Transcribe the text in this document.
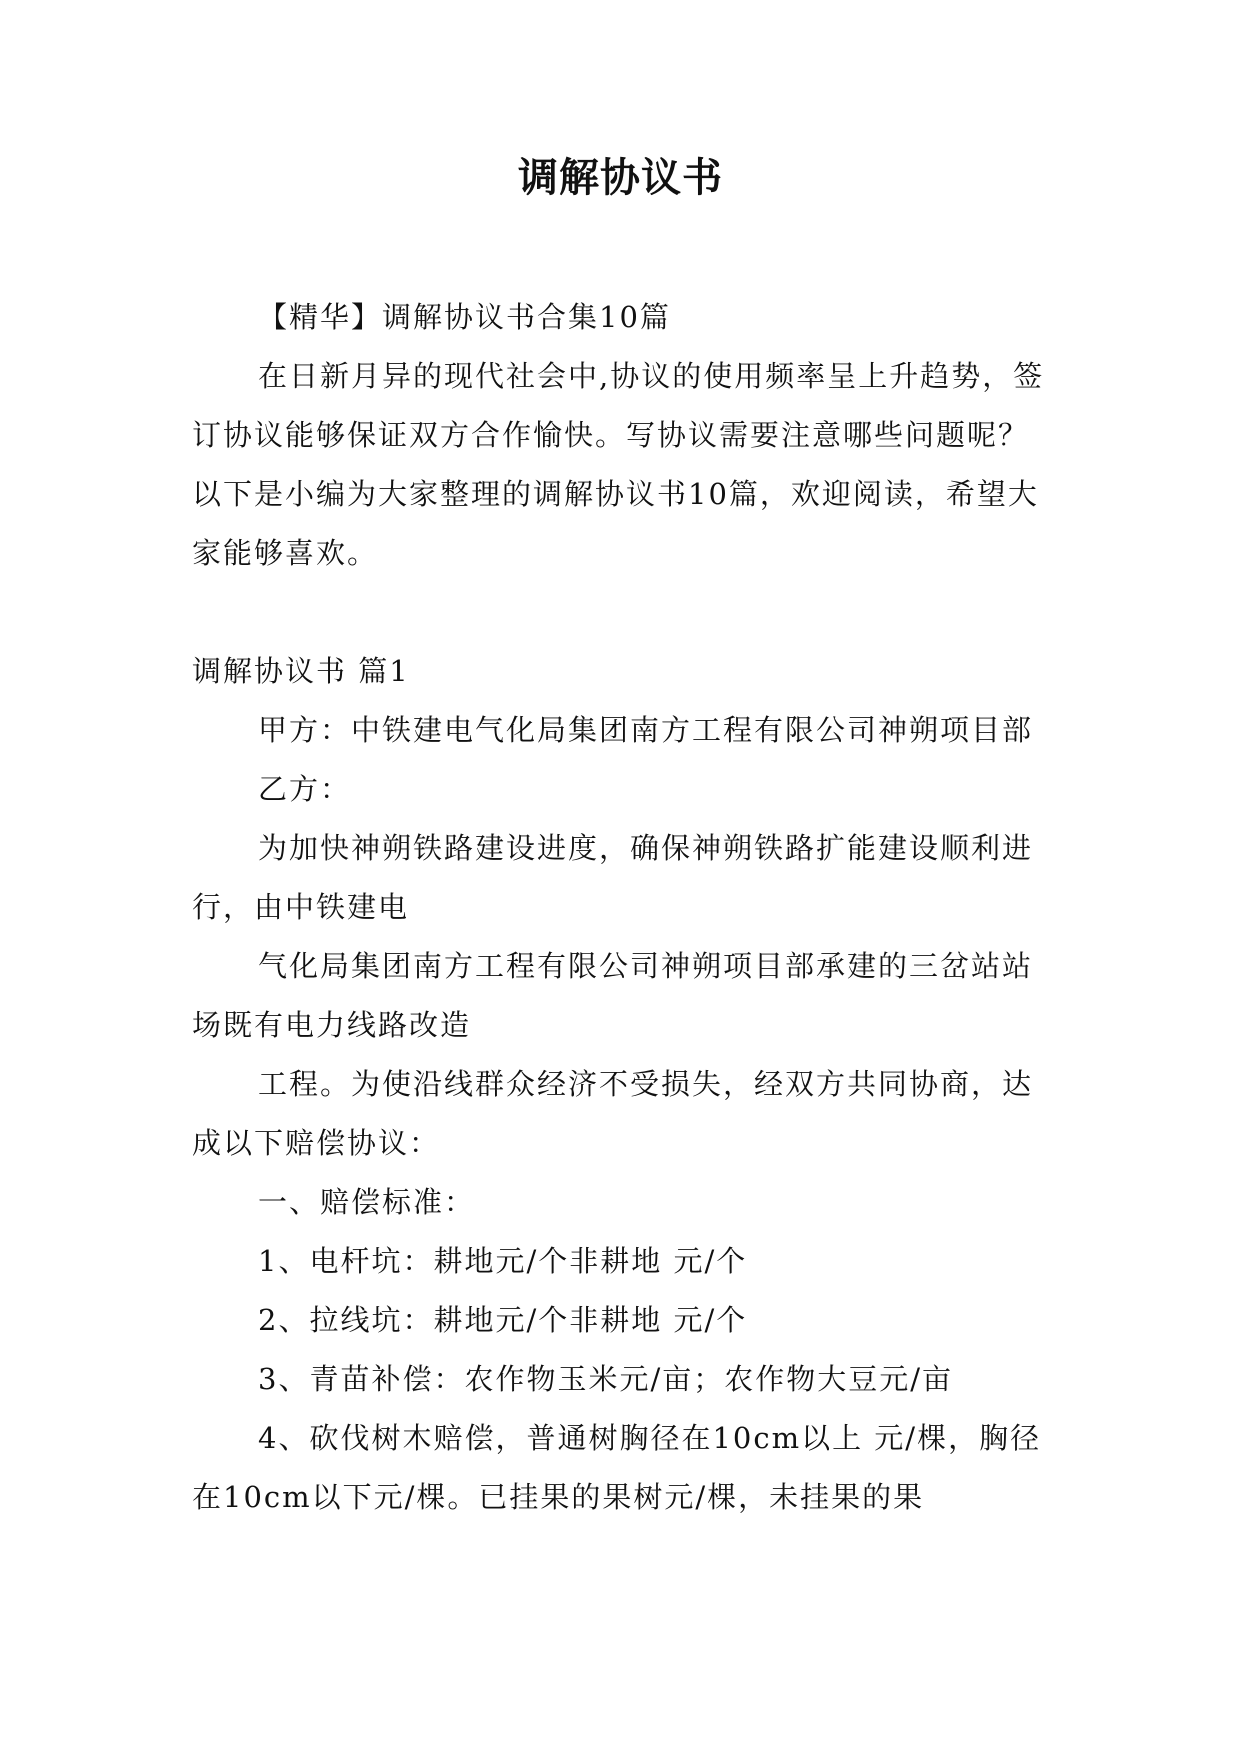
调解协议书

【精华】调解协议书合集10篇

在日新月异的现代社会中,协议的使用频率呈上升趋势，签订协议能够保证双方合作愉快。写协议需要注意哪些问题呢？以下是小编为大家整理的调解协议书10篇，欢迎阅读，希望大家能够喜欢。

调解协议书 篇1

甲方：中铁建电气化局集团南方工程有限公司神朔项目部

乙方：

为加快神朔铁路建设进度，确保神朔铁路扩能建设顺利进行，由中铁建电

气化局集团南方工程有限公司神朔项目部承建的三岔站站场既有电力线路改造

工程。为使沿线群众经济不受损失，经双方共同协商，达成以下赔偿协议：

一、赔偿标准：

1、电杆坑：耕地元/个非耕地 元/个

2、拉线坑：耕地元/个非耕地 元/个

3、青苗补偿：农作物玉米元/亩；农作物大豆元/亩

4、砍伐树木赔偿，普通树胸径在10cm以上 元/棵，胸径在10cm以下元/棵。已挂果的果树元/棵，未挂果的果
